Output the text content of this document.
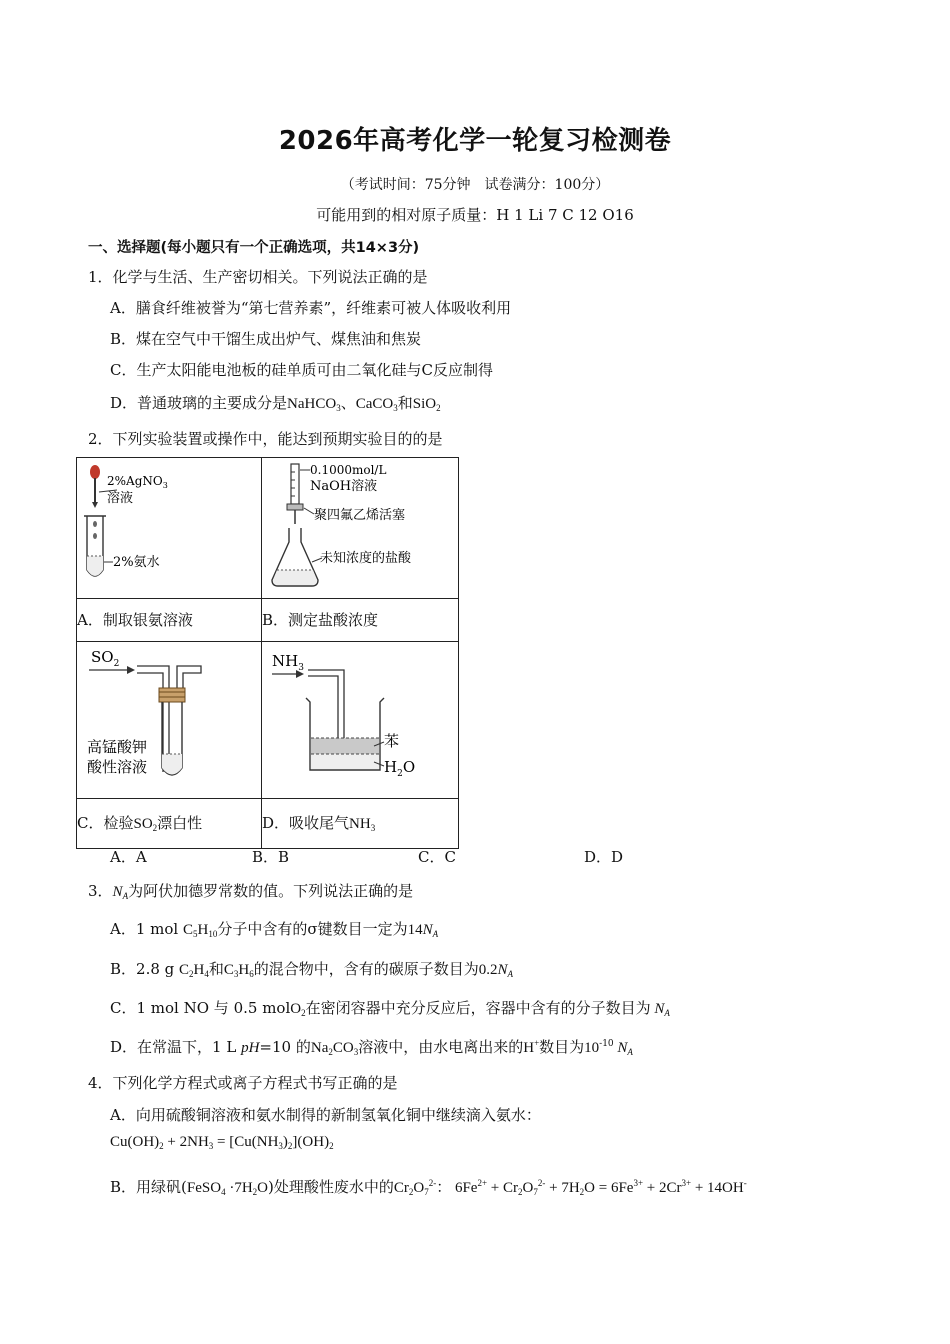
2026年高考化学一轮复习检测卷
（考试时间：75分钟　试卷满分：100分）
可能用到的相对原子质量：H 1 Li 7 C 12 O16
一、选择题(每小题只有一个正确选项，共14×3分)
1．化学与生活、生产密切相关。下列说法正确的是
A．膳食纤维被誉为“第七营养素”，纤维素可被人体吸收利用
B．煤在空气中干馏生成出炉气、煤焦油和焦炭
C．生产太阳能电池板的硅单质可由二氧化硅与C反应制得
D．普通玻璃的主要成分是NaHCO$_3$、CaCO$_3$和SiO$_2$
2．下列实验装置或操作中，能达到预期实验目的的是
2%AgNO$_3$
溶液
2%氨水	0.1000mol/L
NaOH溶液
聚四氟乙烯活塞
未知浓度的盐酸

A．制取银氨溶液	B．测定盐酸浓度

$SO_2$
高锰酸钾
酸性溶液	$NH_3$
苯
$H_2O$

C．检验$SO_2$漂白性	D．吸收尾气$NH_3$
A．A	B．B	C．C	D．D
3．$N_A$为阿伏加德罗常数的值。下列说法正确的是
A．1 mol $C_5H_{10}$分子中含有的σ键数目一定为$14N_A$
B．2.8 g $C_2H_4$和$C_3H_6$的混合物中，含有的碳原子数目为$0.2N_A$
C．1 mol NO 与 0.5 molO$_2$在密闭容器中充分反应后，容器中含有的分子数目为 $N_A$
D．在常温下，1 L pH=10 的$Na_2CO_3$溶液中，由水电离出来的H+数目为$10^{-10}$ $N_A$
4．下列化学方程式或离子方程式书写正确的是
A．向用硫酸铜溶液和氨水制得的新制氢氧化铜中继续滴入氨水：
$Cu(OH)_2 + 2NH_3 = [Cu(NH_3)_2](OH)_2$
B．用绿矾(FeSO$_4$ $\cdot 7H_2O$)处理酸性废水中的$Cr_2O_7^{2-}$： $6Fe^{2+} + Cr_2O_7^{2-} + 7H_2O = 6Fe^{3+} + 2Cr^{3+} + 14OH^-$
